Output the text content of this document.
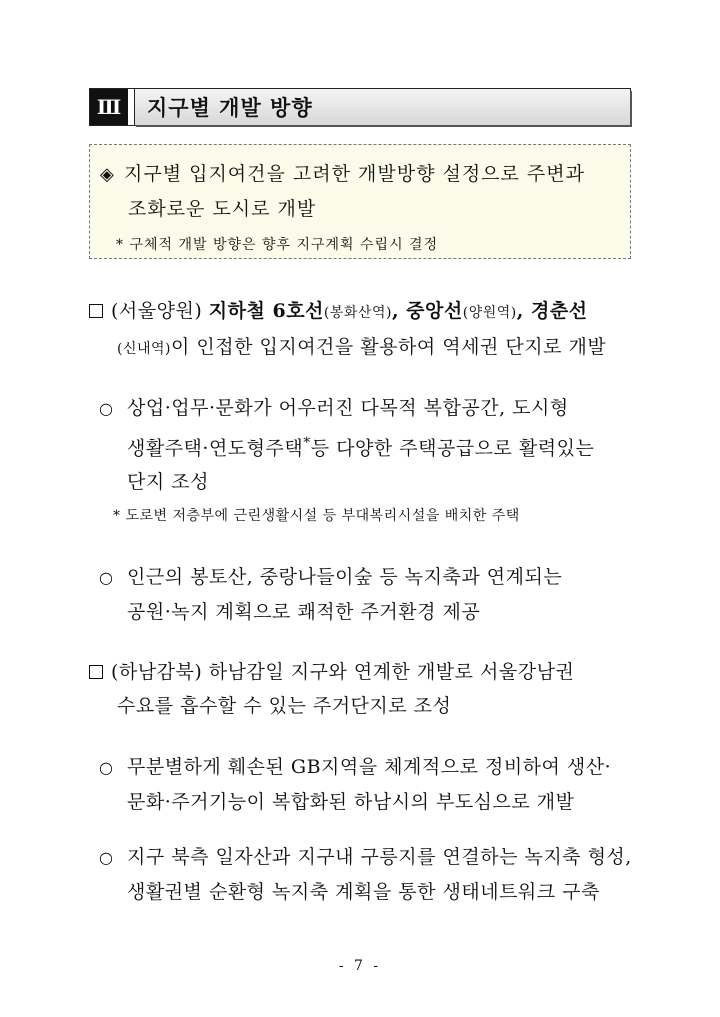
Ⅲ	지구별 개발 방향
◈ 지구별 입지여건을 고려한 개발방향 설정으로 주변과
조화로운 도시로 개발
* 구체적 개발 방향은 향후 지구계획 수립시 결정
(서울양원) 지하철 6호선(봉화산역), 중앙선(양원역), 경춘선
(신내역)이 인접한 입지여건을 활용하여 역세권 단지로 개발
○ 상업·업무·문화가 어우러진 다목적 복합공간, 도시형
생활주택·연도형주택*등 다양한 주택공급으로 활력있는
단지 조성
* 도로변 저층부에 근린생활시설 등 부대복리시설을 배치한 주택
○ 인근의 봉토산, 중랑나들이숲 등 녹지축과 연계되는
공원·녹지 계획으로 쾌적한 주거환경 제공
(하남감북) 하남감일 지구와 연계한 개발로 서울강남권
수요를 흡수할 수 있는 주거단지로 조성
○ 무분별하게 훼손된 GB지역을 체계적으로 정비하여 생산·
문화·주거기능이 복합화된 하남시의 부도심으로 개발
○ 지구 북측 일자산과 지구내 구릉지를 연결하는 녹지축 형성,
생활권별 순환형 녹지축 계획을 통한 생태네트워크 구축
- 7 -
